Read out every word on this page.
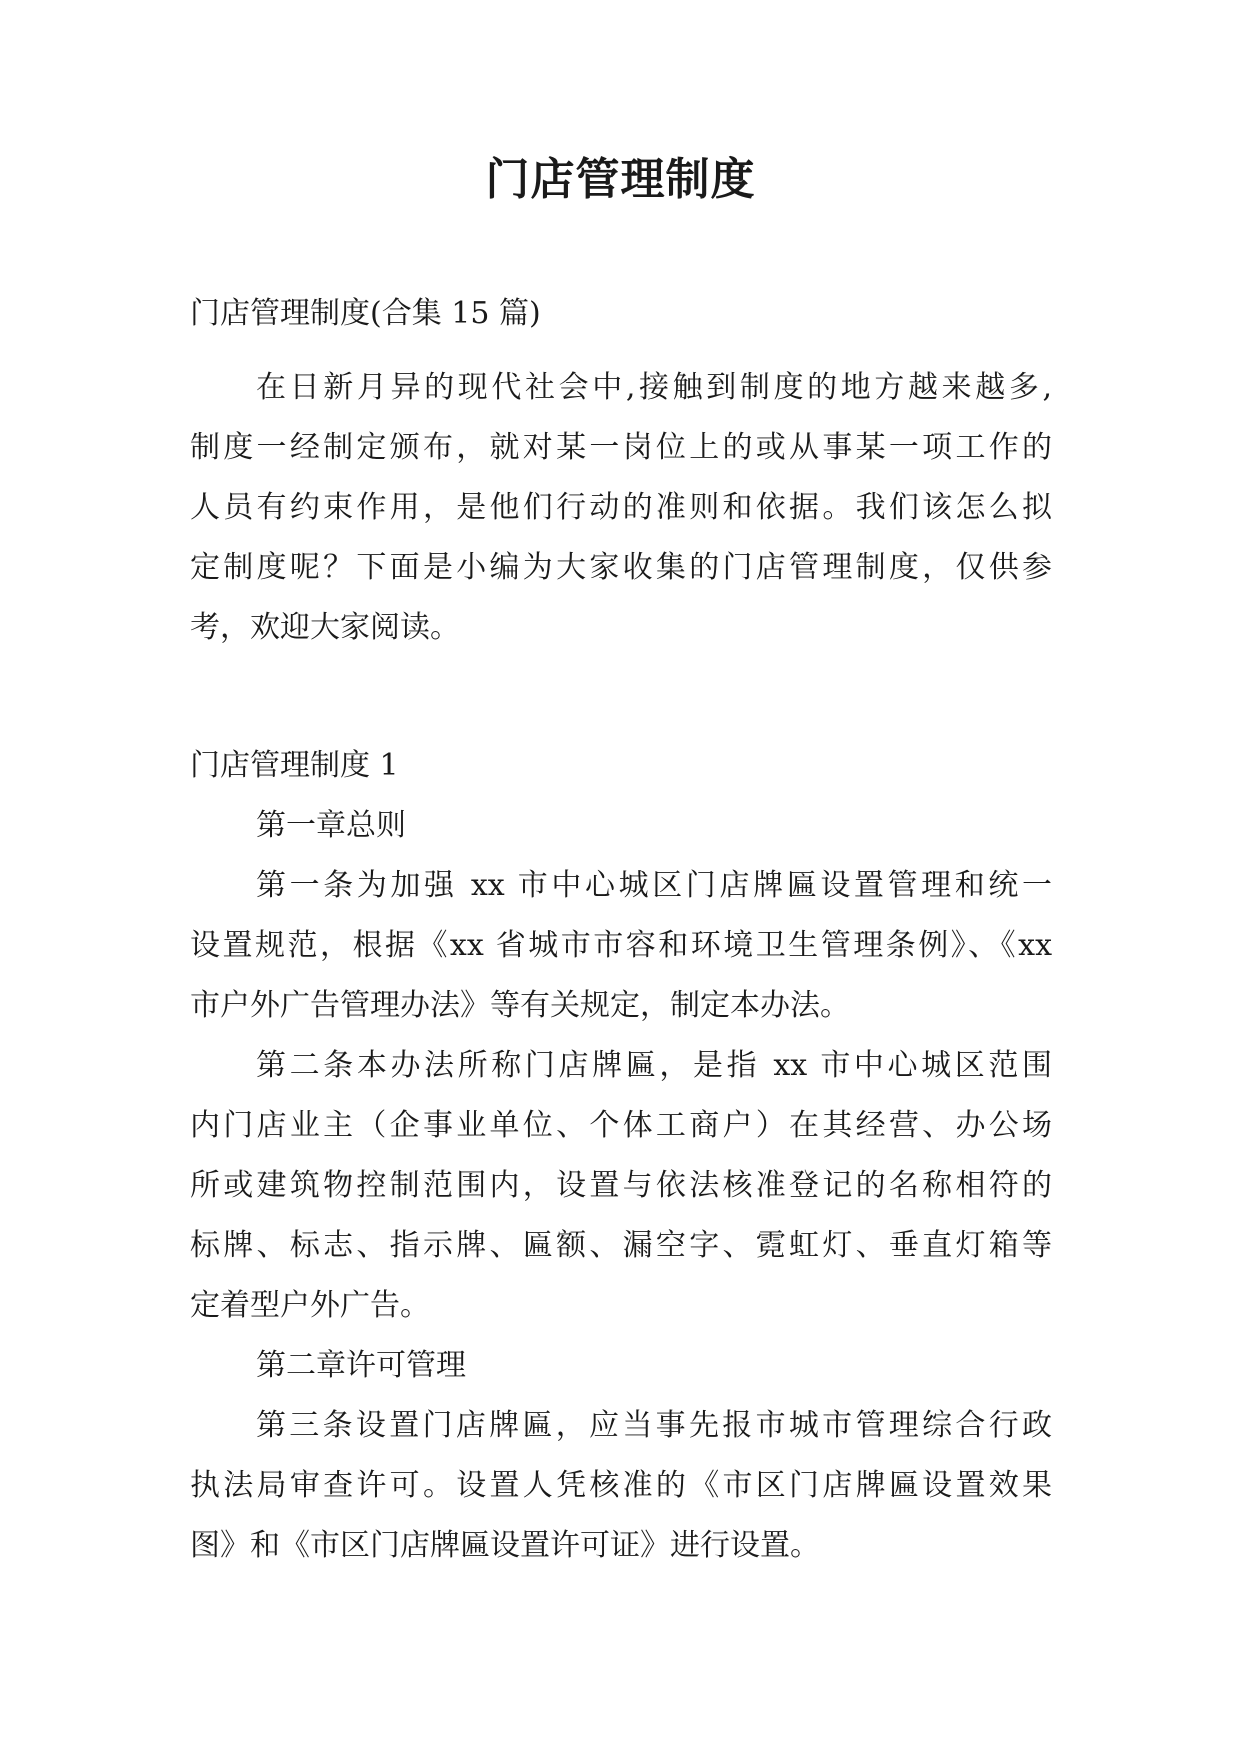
门店管理制度
门店管理制度(合集 15 篇)
在日新月异的现代社会中,接触到制度的地方越来越多,
制度一经制定颁布，就对某一岗位上的或从事某一项工作的
人员有约束作用，是他们行动的准则和依据。我们该怎么拟
定制度呢？下面是小编为大家收集的门店管理制度，仅供参
考，欢迎大家阅读。
门店管理制度 1
第一章总则
第一条为加强 xx 市中心城区门店牌匾设置管理和统一
设置规范，根据《xx 省城市市容和环境卫生管理条例》、《xx
市户外广告管理办法》等有关规定，制定本办法。
第二条本办法所称门店牌匾，是指 xx 市中心城区范围
内门店业主（企事业单位、个体工商户）在其经营、办公场
所或建筑物控制范围内，设置与依法核准登记的名称相符的
标牌、标志、指示牌、匾额、漏空字、霓虹灯、垂直灯箱等
定着型户外广告。
第二章许可管理
第三条设置门店牌匾，应当事先报市城市管理综合行政
执法局审查许可。设置人凭核准的《市区门店牌匾设置效果
图》和《市区门店牌匾设置许可证》进行设置。
